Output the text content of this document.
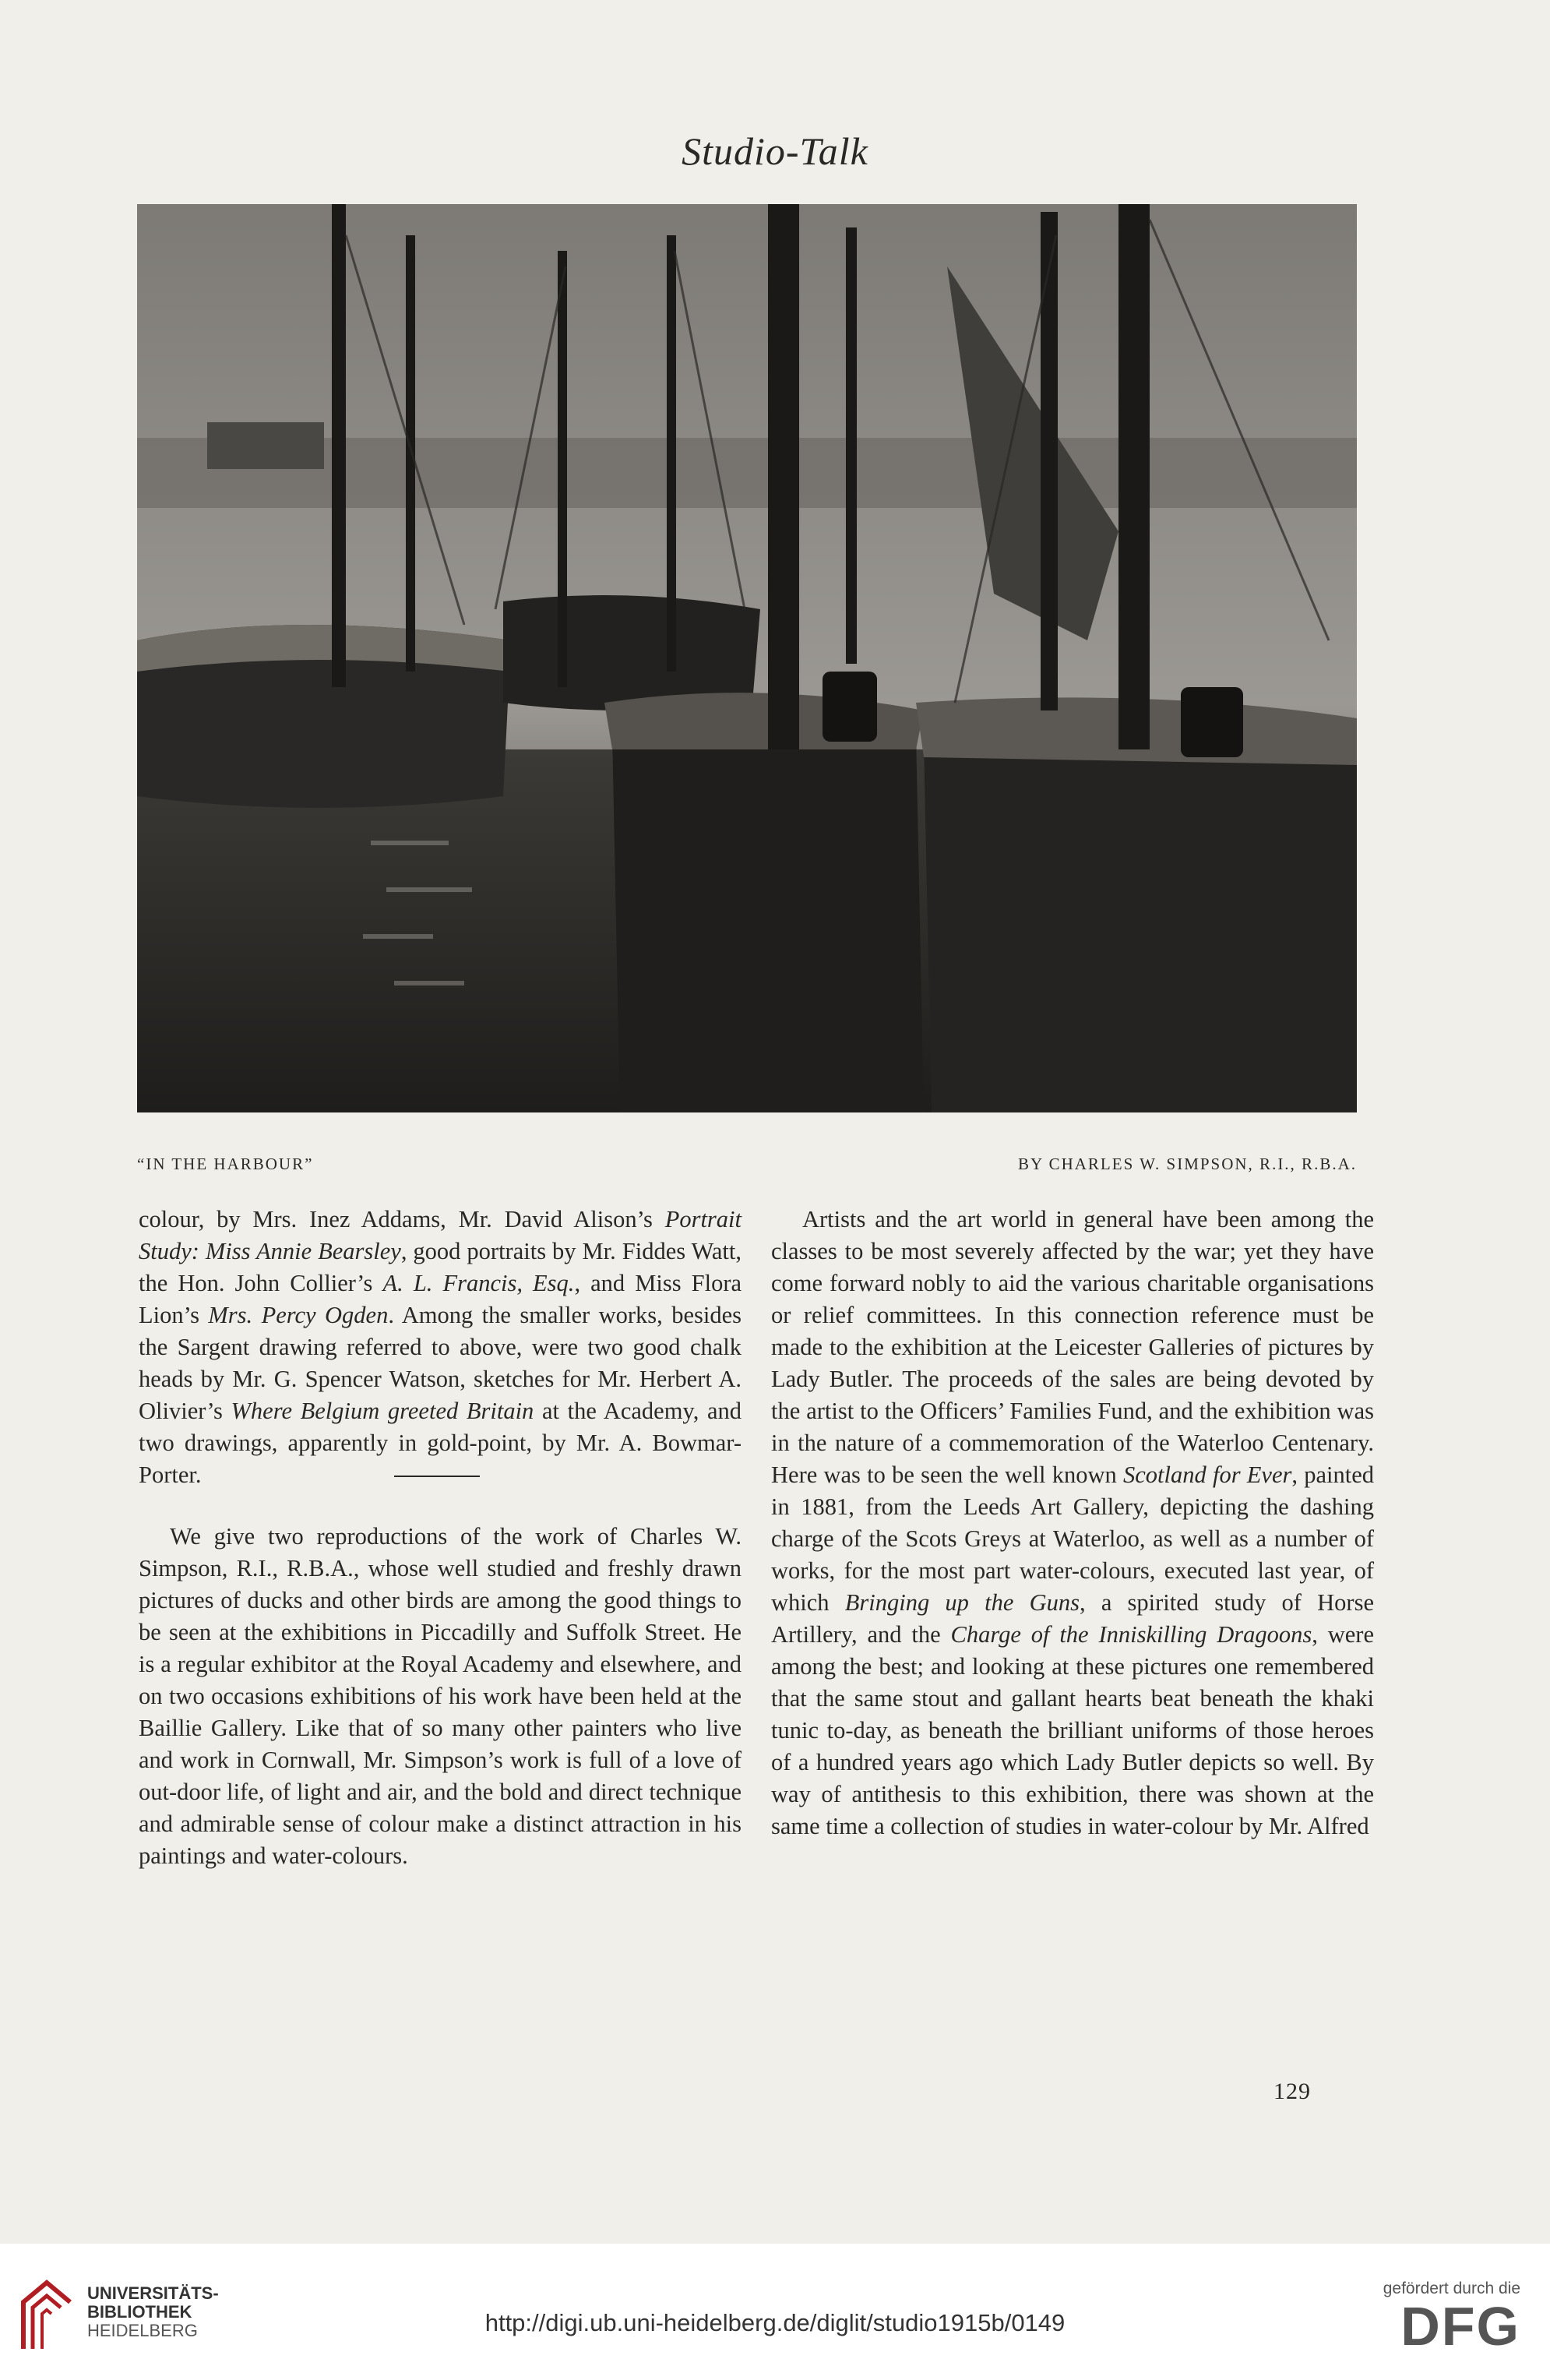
Studio-Talk
“IN THE HARBOUR”	BY CHARLES W. SIMPSON, R.I., R.B.A.

colour, by Mrs. Inez Addams, Mr. David Alison’s Portrait Study: Miss Annie Bearsley, good portraits by Mr. Fiddes Watt, the Hon. John Collier’s A. L. Francis, Esq., and Miss Flora Lion’s Mrs. Percy Ogden. Among the smaller works, besides the Sargent drawing referred to above, were two good chalk heads by Mr. G. Spencer Watson, sketches for Mr. Herbert A. Olivier’s Where Belgium greeted Britain at the Academy, and two drawings, apparently in gold-point, by Mr. A. Bowmar-Porter.

We give two reproductions of the work of Charles W. Simpson, R.I., R.B.A., whose well studied and freshly drawn pictures of ducks and other birds are among the good things to be seen at the exhibitions in Piccadilly and Suffolk Street. He is a regular exhibitor at the Royal Academy and elsewhere, and on two occasions exhibitions of his work have been held at the Baillie Gallery. Like that of so many other painters who live and work in Cornwall, Mr. Simpson’s work is full of a love of out-door life, of light and air, and the bold and direct technique and admirable sense of colour make a distinct attraction in his paintings and water-colours.

Artists and the art world in general have been among the classes to be most severely affected by the war; yet they have come forward nobly to aid the various charitable organisations or relief committees. In this connection reference must be made to the exhibition at the Leicester Galleries of pictures by Lady Butler. The proceeds of the sales are being devoted by the artist to the Officers’ Families Fund, and the exhibition was in the nature of a commemoration of the Waterloo Centenary. Here was to be seen the well known Scotland for Ever, painted in 1881, from the Leeds Art Gallery, depicting the dashing charge of the Scots Greys at Waterloo, as well as a number of works, for the most part water-colours, executed last year, of which Bringing up the Guns, a spirited study of Horse Artillery, and the Charge of the Inniskilling Dragoons, were among the best; and looking at these pictures one remembered that the same stout and gallant hearts beat beneath the khaki tunic to-day, as beneath the brilliant uniforms of those heroes of a hundred years ago which Lady Butler depicts so well. By way of antithesis to this exhibition, there was shown at the same time a collection of studies in water-colour by Mr. Alfred

129
UNIVERSITÄTS-
BIBLIOTHEK
HEIDELBERG	http://digi.ub.uni-heidelberg.de/diglit/studio1915b/0149
gefördert durch die
DFG
